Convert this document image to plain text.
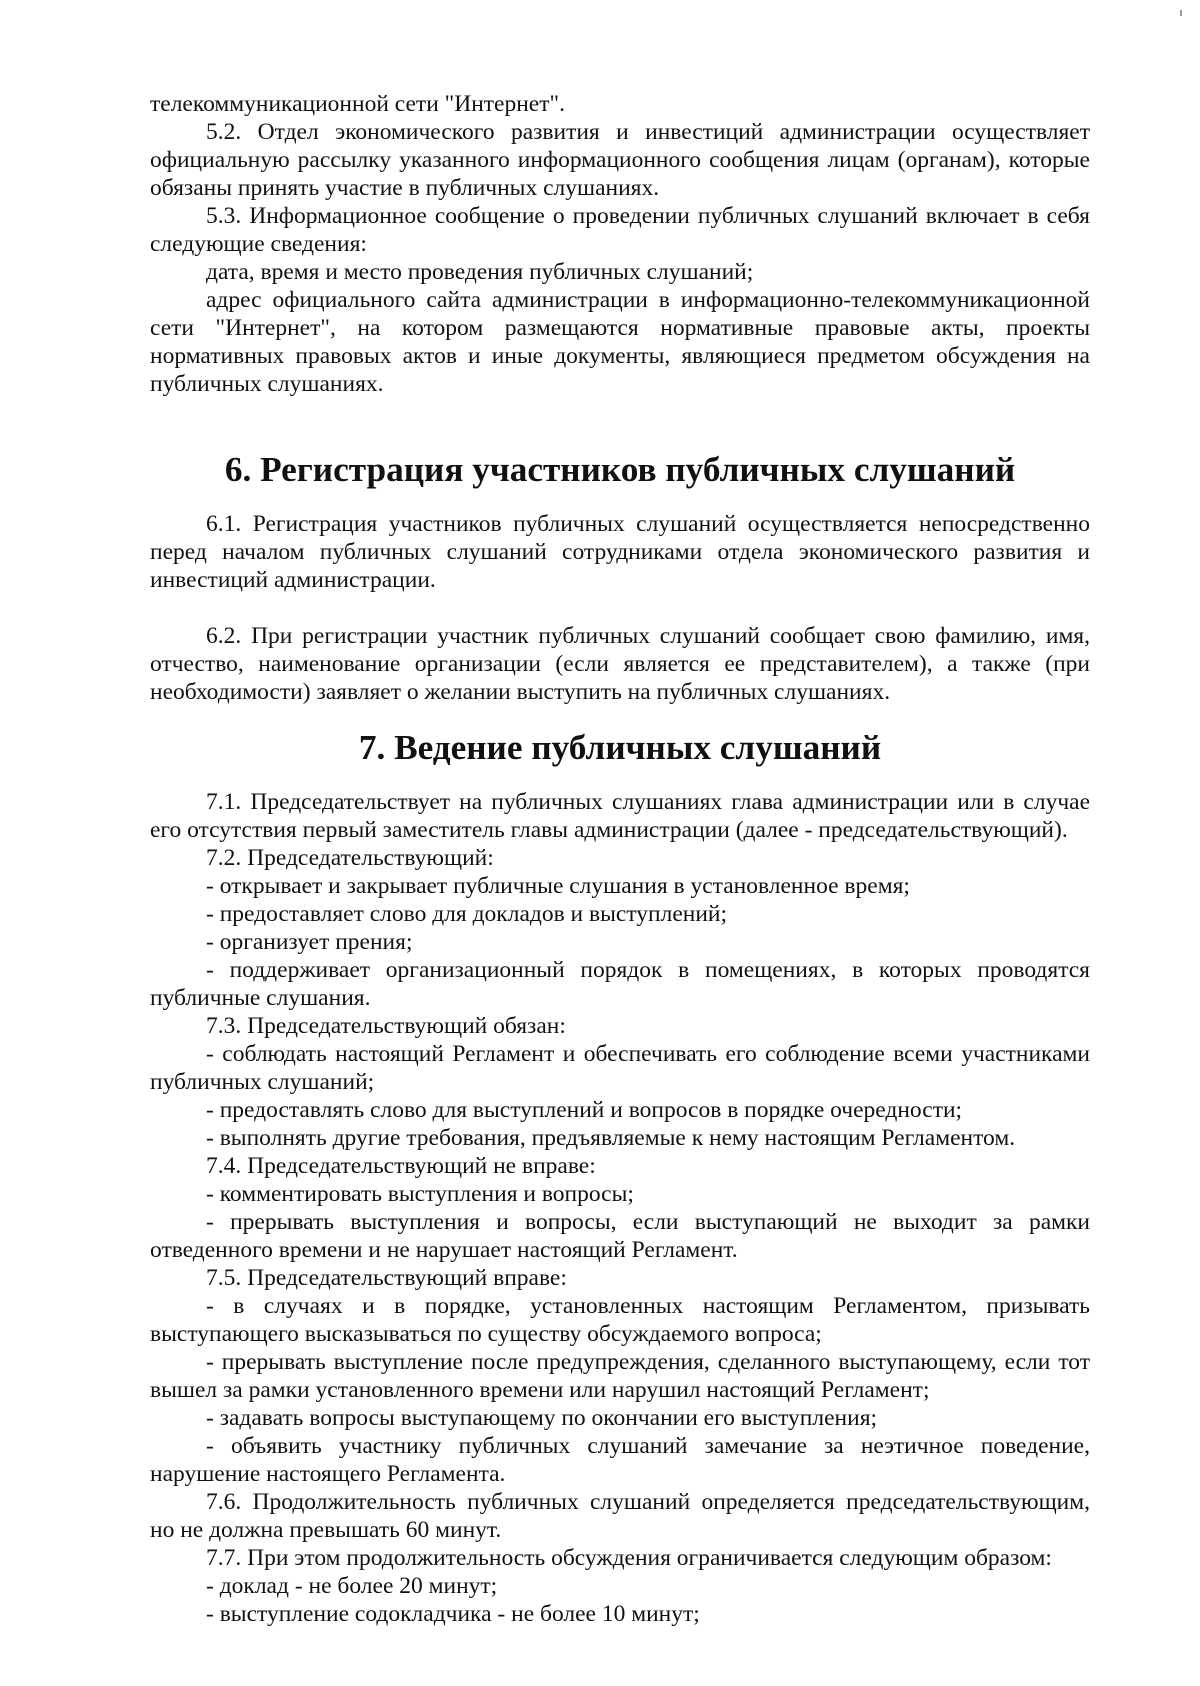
телекоммуникационной сети "Интернет".

5.2. Отдел экономического развития и инвестиций администрации осуществляет официальную рассылку указанного информационного сообщения лицам (органам), которые обязаны принять участие в публичных слушаниях.

5.3. Информационное сообщение о проведении публичных слушаний включает в себя следующие сведения:

дата, время и место проведения публичных слушаний;

адрес официального сайта администрации в информационно-телекоммуникационной сети "Интернет", на котором размещаются нормативные правовые акты, проекты нормативных правовых актов и иные документы, являющиеся предметом обсуждения на публичных слушаниях.

6. Регистрация участников публичных слушаний

6.1. Регистрация участников публичных слушаний осуществляется непосредственно перед началом публичных слушаний сотрудниками отдела экономического развития и инвестиций администрации.

6.2. При регистрации участник публичных слушаний сообщает свою фамилию, имя, отчество, наименование организации (если является ее представителем), а также (при необходимости) заявляет о желании выступить на публичных слушаниях.

7. Ведение публичных слушаний

7.1. Председательствует на публичных слушаниях глава администрации или в случае его отсутствия первый заместитель главы администрации (далее - председательствующий).

7.2. Председательствующий:

- открывает и закрывает публичные слушания в установленное время;

- предоставляет слово для докладов и выступлений;

- организует прения;

- поддерживает организационный порядок в помещениях, в которых проводятся публичные слушания.

7.3. Председательствующий обязан:

- соблюдать настоящий Регламент и обеспечивать его соблюдение всеми участниками публичных слушаний;

- предоставлять слово для выступлений и вопросов в порядке очередности;

- выполнять другие требования, предъявляемые к нему настоящим Регламентом.

7.4. Председательствующий не вправе:

- комментировать выступления и вопросы;

- прерывать выступления и вопросы, если выступающий не выходит за рамки отведенного времени и не нарушает настоящий Регламент.

7.5. Председательствующий вправе:

- в случаях и в порядке, установленных настоящим Регламентом, призывать выступающего высказываться по существу обсуждаемого вопроса;

- прерывать выступление после предупреждения, сделанного выступающему, если тот вышел за рамки установленного времени или нарушил настоящий Регламент;

- задавать вопросы выступающему по окончании его выступления;

- объявить участнику публичных слушаний замечание за неэтичное поведение, нарушение настоящего Регламента.

7.6. Продолжительность публичных слушаний определяется председательствующим, но не должна превышать 60 минут.

7.7. При этом продолжительность обсуждения ограничивается следующим образом:

- доклад - не более 20 минут;

- выступление содокладчика - не более 10 минут;
